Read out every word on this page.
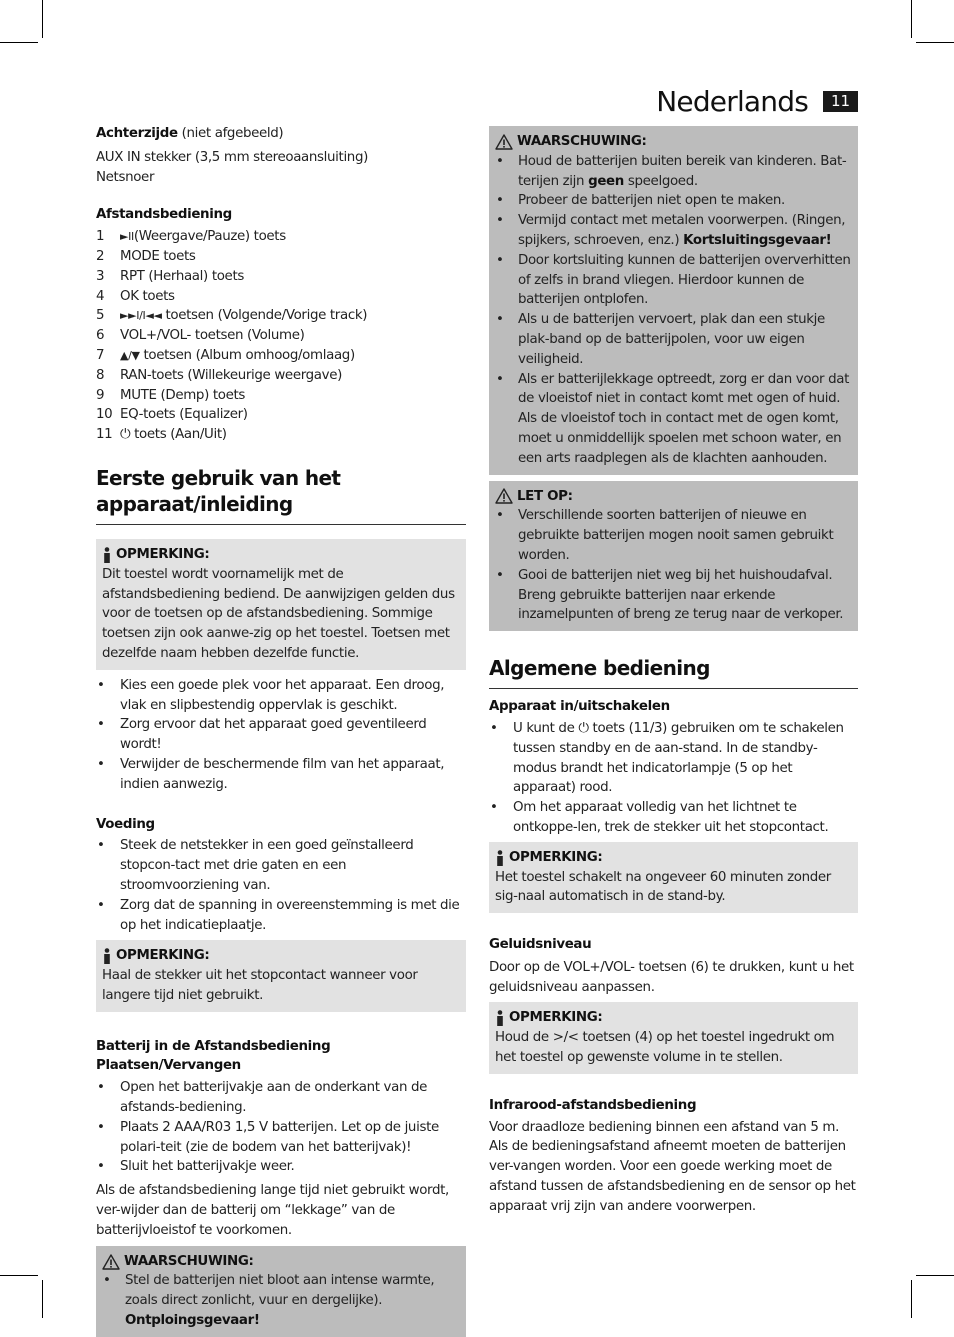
Nederlands	11

Achterzijde (niet afgebeeld)

AUX IN stekker (3,5 mm stereoaansluiting)

Netsnoer

Afstandsbediening

1	►II(Weergave/Pauze) toets
2	MODE toets
3	RPT (Herhaal) toets
4	OK toets
5	►►I/I◄◄ toetsen (Volgende/Vorige track)
6	VOL+/VOL- toetsen (Volume)
7	▲/▼ toetsen (Album omhoog/omlaag)
8	RAN-toets (Willekeurige weergave)
9	MUTE (Demp) toets
10 EQ-toets (Equalizer)
11 ⏻ toets (Aan/Uit)
Eerste gebruik van het apparaat/inleiding
OPMERKING:

Dit toestel wordt voornamelijk met de afstandsbediening bediend. De aanwijzigen gelden dus voor de toetsen op de afstandsbediening. Sommige toetsen zijn ook aanwe-zig op het toestel. Toetsen met dezelfde naam hebben dezelfde functie.

• Kies een goede plek voor het apparaat. Een droog, vlak en slipbestendig oppervlak is geschikt.
• Zorg ervoor dat het apparaat goed geventileerd wordt!
• Verwijder de beschermende film van het apparaat, indien aanwezig.

Voeding

• Steek de netstekker in een goed geïnstalleerd stopcon-tact met drie gaten en een stroomvoorziening van.
• Zorg dat de spanning in overeenstemming is met die op het indicatieplaatje.
OPMERKING:

Haal de stekker uit het stopcontact wanneer voor langere tijd niet gebruikt.

Batterij in de Afstandsbediening Plaatsen/Vervangen

• Open het batterijvakje aan de onderkant van de afstands-bediening.
• Plaats 2 AAA/R03 1,5 V batterijen. Let op de juiste polari-teit (zie de bodem van het batterijvak)!
• Sluit het batterijvakje weer.

Als de afstandsbediening lange tijd niet gebruikt wordt, ver-wijder dan de batterij om “lekkage” van de batterijvloeistof te voorkomen.

WAARSCHUWING:
• Stel de batterijen niet bloot aan intense warmte, zoals direct zonlicht, vuur en dergelijke). Ontploingsgevaar!
WAARSCHUWING:
• Houd de batterijen buiten bereik van kinderen. Bat-terijen zijn geen speelgoed.
• Probeer de batterijen niet open te maken.
• Vermijd contact met metalen voorwerpen. (Ringen, spijkers, schroeven, enz.) Kortsluitingsgevaar!
• Door kortsluiting kunnen de batterijen oververhitten of zelfs in brand vliegen. Hierdoor kunnen de batterijen ontplofen.
• Als u de batterijen vervoert, plak dan een stukje plak-band op de batterijpolen, voor uw eigen veiligheid.
• Als er batterijlekkage optreedt, zorg er dan voor dat de vloeistof niet in contact komt met ogen of huid. Als de vloeistof toch in contact met de ogen komt, moet u onmiddellijk spoelen met schoon water, en een arts raadplegen als de klachten aanhouden.
LET OP:
• Verschillende soorten batterijen of nieuwe en gebruikte batterijen mogen nooit samen gebruikt worden.
• Gooi de batterijen niet weg bij het huishoudafval. Breng gebruikte batterijen naar erkende inzamelpunten of breng ze terug naar de verkoper.
Algemene bediening

Apparaat in/uitschakelen

• U kunt de ⏻ toets (11/3) gebruiken om te schakelen tussen standby en de aan-stand. In de standby-modus brandt het indicatorlampje (5 op het apparaat) rood.
• Om het apparaat volledig van het lichtnet te ontkoppe-len, trek de stekker uit het stopcontact.
OPMERKING:

Het toestel schakelt na ongeveer 60 minuten zonder sig-naal automatisch in de stand-by.

Geluidsniveau

Door op de VOL+/VOL- toetsen (6) te drukken, kunt u het geluidsniveau aanpassen.

OPMERKING:

Houd de >/< toetsen (4) op het toestel ingedrukt om het toestel op gewenste volume in te stellen.

Infrarood-afstandsbediening

Voor draadloze bediening binnen een afstand van 5 m. Als de bedieningsafstand afneemt moeten de batterijen ver-vangen worden. Voor een goede werking moet de afstand tussen de afstandsbediening en de sensor op het apparaat vrij zijn van andere voorwerpen.
